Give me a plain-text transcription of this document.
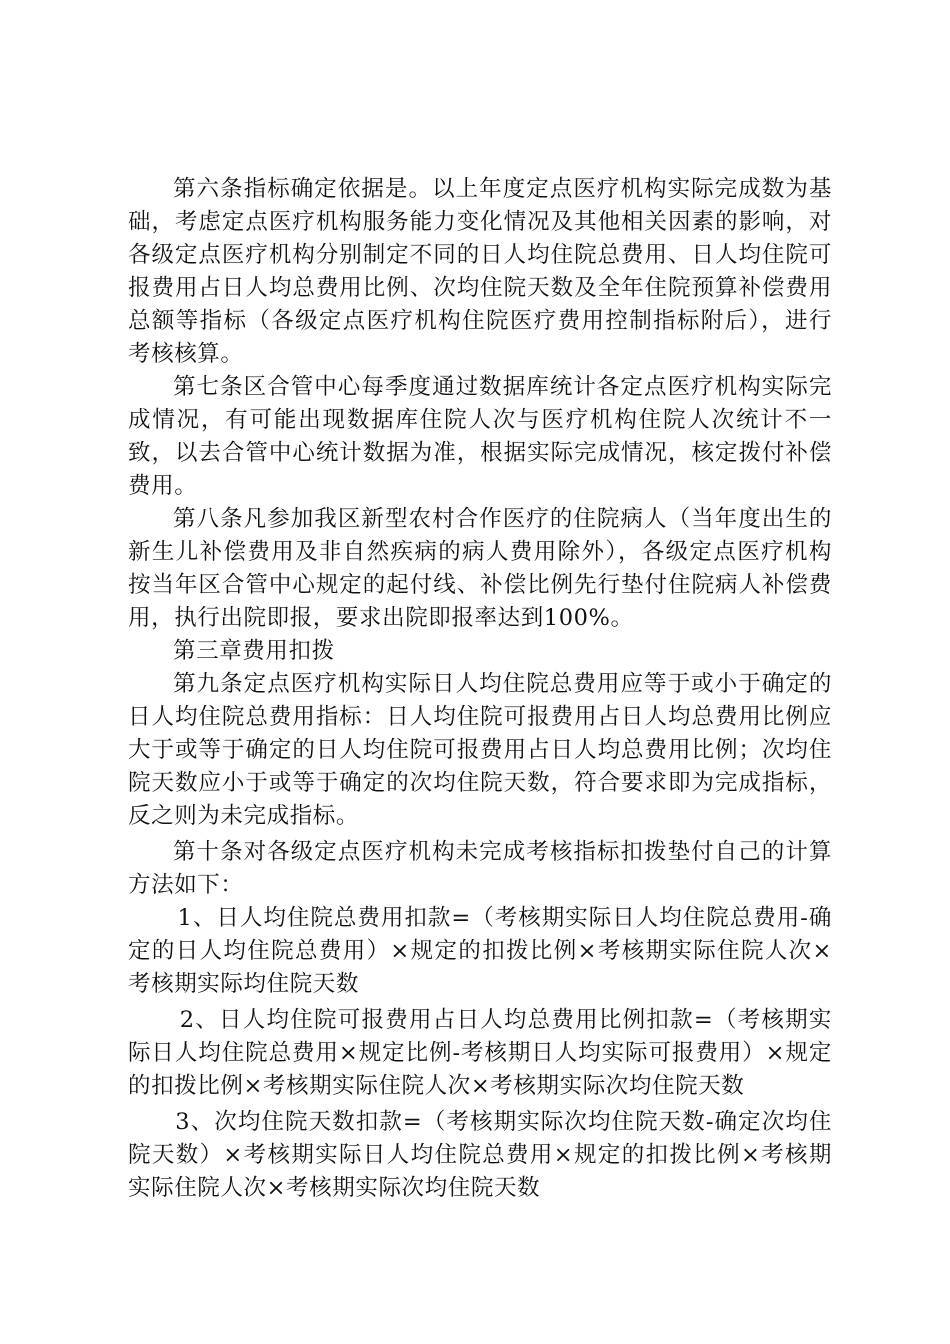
第六条指标确定依据是。以上年度定点医疗机构实际完成数为基础，考虑定点医疗机构服务能力变化情况及其他相关因素的影响，对各级定点医疗机构分别制定不同的日人均住院总费用、日人均住院可报费用占日人均总费用比例、次均住院天数及全年住院预算补偿费用总额等指标（各级定点医疗机构住院医疗费用控制指标附后），进行考核核算。

第七条区合管中心每季度通过数据库统计各定点医疗机构实际完成情况，有可能出现数据库住院人次与医疗机构住院人次统计不一致，以去合管中心统计数据为准，根据实际完成情况，核定拨付补偿费用。

第八条凡参加我区新型农村合作医疗的住院病人（当年度出生的新生儿补偿费用及非自然疾病的病人费用除外），各级定点医疗机构按当年区合管中心规定的起付线、补偿比例先行垫付住院病人补偿费用，执行出院即报，要求出院即报率达到100%。

第三章费用扣拨

第九条定点医疗机构实际日人均住院总费用应等于或小于确定的日人均住院总费用指标：日人均住院可报费用占日人均总费用比例应大于或等于确定的日人均住院可报费用占日人均总费用比例；次均住院天数应小于或等于确定的次均住院天数，符合要求即为完成指标，反之则为未完成指标。

第十条对各级定点医疗机构未完成考核指标扣拨垫付自己的计算方法如下：

1、日人均住院总费用扣款=（考核期实际日人均住院总费用-确定的日人均住院总费用）×规定的扣拨比例×考核期实际住院人次×考核期实际均住院天数

2、日人均住院可报费用占日人均总费用比例扣款=（考核期实际日人均住院总费用×规定比例-考核期日人均实际可报费用）×规定的扣拨比例×考核期实际住院人次×考核期实际次均住院天数

3、次均住院天数扣款=（考核期实际次均住院天数-确定次均住院天数）×考核期实际日人均住院总费用×规定的扣拨比例×考核期实际住院人次×考核期实际次均住院天数
